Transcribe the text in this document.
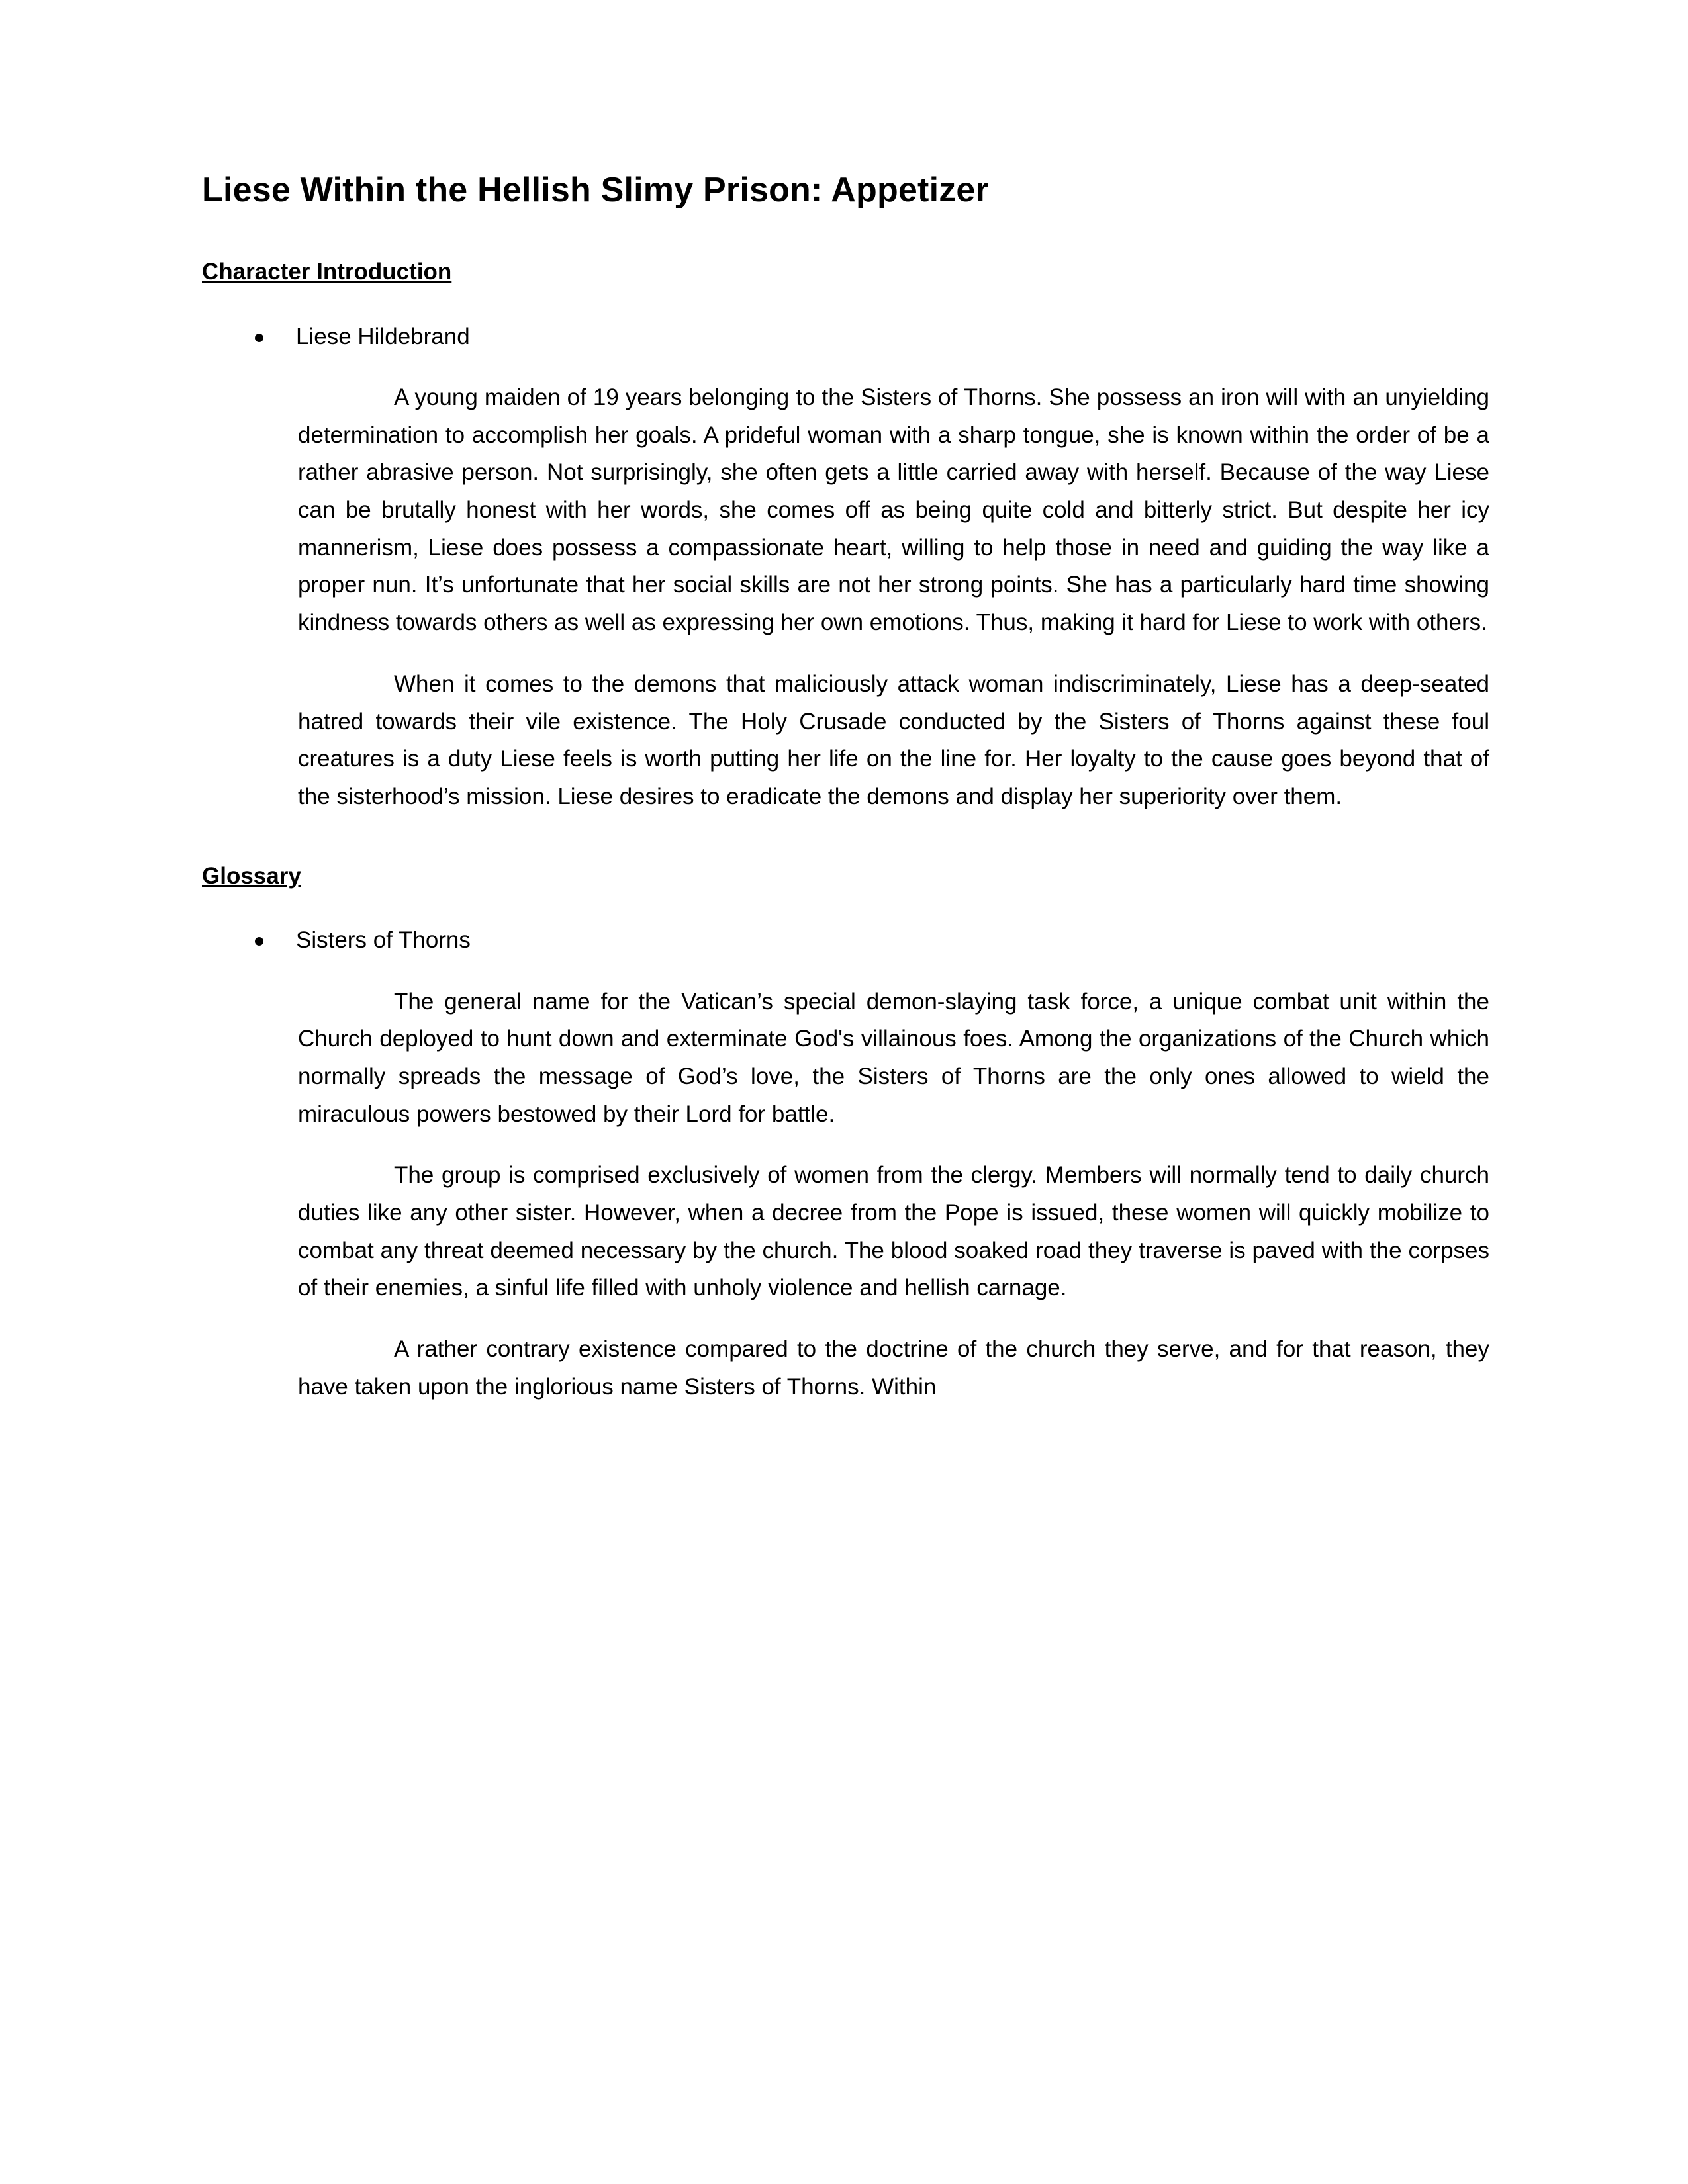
Liese Within the Hellish Slimy Prison: Appetizer
Character Introduction
Liese Hildebrand

A young maiden of 19 years belonging to the Sisters of Thorns. She possess an iron will with an unyielding determination to accomplish her goals. A prideful woman with a sharp tongue, she is known within the order of be a rather abrasive person. Not surprisingly, she often gets a little carried away with herself. Because of the way Liese can be brutally honest with her words, she comes off as being quite cold and bitterly strict. But despite her icy mannerism, Liese does possess a compassionate heart, willing to help those in need and guiding the way like a proper nun. It’s unfortunate that her social skills are not her strong points. She has a particularly hard time showing kindness towards others as well as expressing her own emotions. Thus, making it hard for Liese to work with others.

When it comes to the demons that maliciously attack woman indiscriminately, Liese has a deep-seated hatred towards their vile existence. The Holy Crusade conducted by the Sisters of Thorns against these foul creatures is a duty Liese feels is worth putting her life on the line for. Her loyalty to the cause goes beyond that of the sisterhood’s mission. Liese desires to eradicate the demons and display her superiority over them.

Glossary
Sisters of Thorns

The general name for the Vatican’s special demon-slaying task force, a unique combat unit within the Church deployed to hunt down and exterminate God's villainous foes. Among the organizations of the Church which normally spreads the message of God’s love, the Sisters of Thorns are the only ones allowed to wield the miraculous powers bestowed by their Lord for battle.

The group is comprised exclusively of women from the clergy. Members will normally tend to daily church duties like any other sister. However, when a decree from the Pope is issued, these women will quickly mobilize to combat any threat deemed necessary by the church. The blood soaked road they traverse is paved with the corpses of their enemies, a sinful life filled with unholy violence and hellish carnage.

A rather contrary existence compared to the doctrine of the church they serve, and for that reason, they have taken upon the inglorious name Sisters of Thorns. Within
